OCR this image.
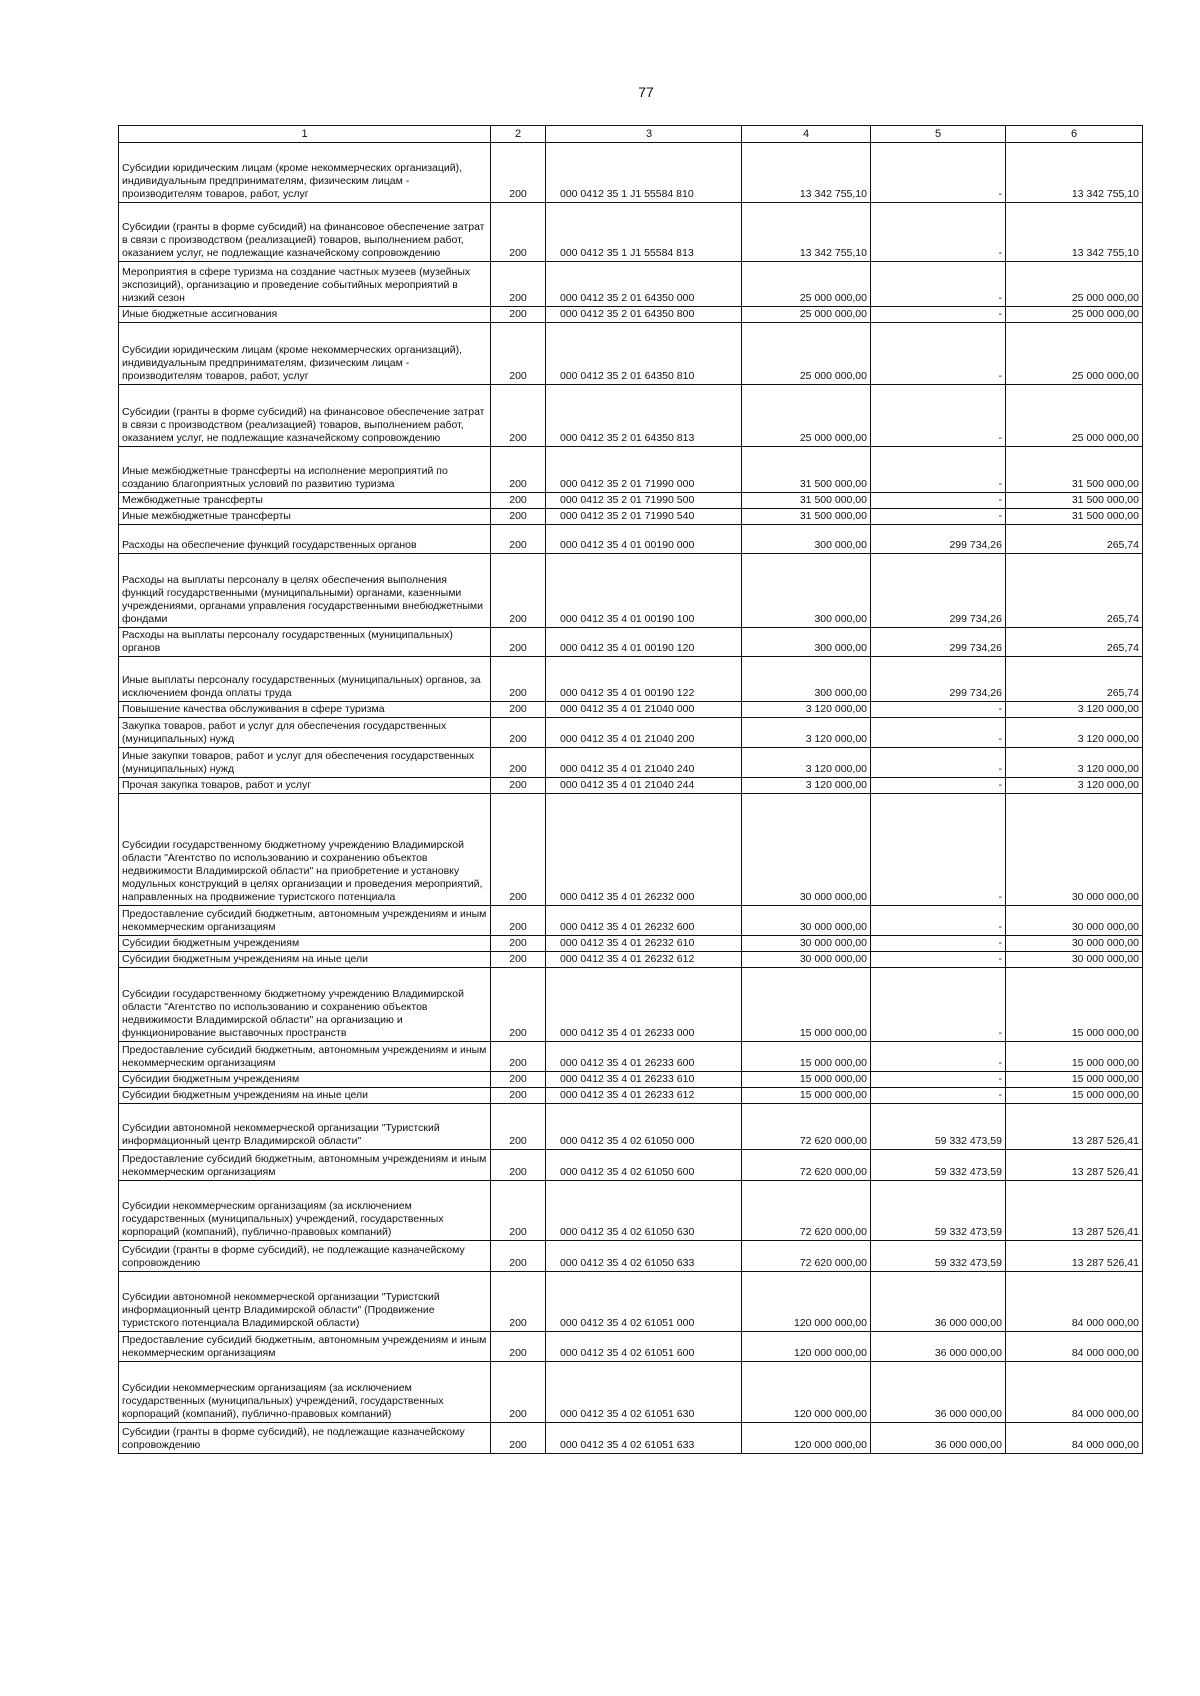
77
1	2	3	4	5	6
Субсидии юридическим лицам (кроме некоммерческих организаций), индивидуальным предпринимателям, физическим лицам - производителям товаров, работ, услуг	200	000 0412 35 1 J1 55584 810	13 342 755,10	-	13 342 755,10
Субсидии (гранты в форме субсидий) на финансовое обеспечение затрат в связи с производством (реализацией) товаров, выполнением работ, оказанием услуг, не подлежащие казначейскому сопровождению	200	000 0412 35 1 J1 55584 813	13 342 755,10	-	13 342 755,10
Мероприятия в сфере туризма на создание частных музеев (музейных экспозиций), организацию и проведение событийных мероприятий в низкий сезон	200	000 0412 35 2 01 64350 000	25 000 000,00	-	25 000 000,00
Иные бюджетные ассигнования	200	000 0412 35 2 01 64350 800	25 000 000,00	-	25 000 000,00
Субсидии юридическим лицам (кроме некоммерческих организаций), индивидуальным предпринимателям, физическим лицам - производителям товаров, работ, услуг	200	000 0412 35 2 01 64350 810	25 000 000,00	-	25 000 000,00
Субсидии (гранты в форме субсидий) на финансовое обеспечение затрат в связи с производством (реализацией) товаров, выполнением работ, оказанием услуг, не подлежащие казначейскому сопровождению	200	000 0412 35 2 01 64350 813	25 000 000,00	-	25 000 000,00
Иные межбюджетные трансферты на исполнение мероприятий по созданию благоприятных условий по развитию туризма	200	000 0412 35 2 01 71990 000	31 500 000,00	-	31 500 000,00
Межбюджетные трансферты	200	000 0412 35 2 01 71990 500	31 500 000,00	-	31 500 000,00
Иные межбюджетные трансферты	200	000 0412 35 2 01 71990 540	31 500 000,00	-	31 500 000,00
Расходы на обеспечение функций государственных органов	200	000 0412 35 4 01 00190 000	300 000,00	299 734,26	265,74
Расходы на выплаты персоналу в целях обеспечения выполнения функций государственными (муниципальными) органами, казенными учреждениями, органами управления государственными внебюджетными фондами	200	000 0412 35 4 01 00190 100	300 000,00	299 734,26	265,74
Расходы на выплаты персоналу государственных (муниципальных) органов	200	000 0412 35 4 01 00190 120	300 000,00	299 734,26	265,74
Иные выплаты персоналу государственных (муниципальных) органов, за исключением фонда оплаты труда	200	000 0412 35 4 01 00190 122	300 000,00	299 734,26	265,74
Повышение качества обслуживания в сфере туризма	200	000 0412 35 4 01 21040 000	3 120 000,00	-	3 120 000,00
Закупка товаров, работ и услуг для обеспечения государственных (муниципальных) нужд	200	000 0412 35 4 01 21040 200	3 120 000,00	-	3 120 000,00
Иные закупки товаров, работ и услуг для обеспечения государственных (муниципальных) нужд	200	000 0412 35 4 01 21040 240	3 120 000,00	-	3 120 000,00
Прочая закупка товаров, работ и услуг	200	000 0412 35 4 01 21040 244	3 120 000,00	-	3 120 000,00
Субсидии государственному бюджетному учреждению Владимирской области "Агентство по использованию и сохранению объектов недвижимости Владимирской области" на приобретение и установку модульных конструкций в целях организации и проведения мероприятий, направленных на продвижение туристского потенциала	200	000 0412 35 4 01 26232 000	30 000 000,00	-	30 000 000,00
Предоставление субсидий бюджетным, автономным учреждениям и иным некоммерческим организациям	200	000 0412 35 4 01 26232 600	30 000 000,00	-	30 000 000,00
Субсидии бюджетным учреждениям	200	000 0412 35 4 01 26232 610	30 000 000,00	-	30 000 000,00
Субсидии бюджетным учреждениям на иные цели	200	000 0412 35 4 01 26232 612	30 000 000,00	-	30 000 000,00
Субсидии государственному бюджетному учреждению Владимирской области "Агентство по использованию и сохранению объектов недвижимости Владимирской области" на организацию и функционирование выставочных пространств	200	000 0412 35 4 01 26233 000	15 000 000,00	-	15 000 000,00
Предоставление субсидий бюджетным, автономным учреждениям и иным некоммерческим организациям	200	000 0412 35 4 01 26233 600	15 000 000,00	-	15 000 000,00
Субсидии бюджетным учреждениям	200	000 0412 35 4 01 26233 610	15 000 000,00	-	15 000 000,00
Субсидии бюджетным учреждениям на иные цели	200	000 0412 35 4 01 26233 612	15 000 000,00	-	15 000 000,00
Субсидии автономной некоммерческой организации "Туристский информационный центр Владимирской области"	200	000 0412 35 4 02 61050 000	72 620 000,00	59 332 473,59	13 287 526,41
Предоставление субсидий бюджетным, автономным учреждениям и иным некоммерческим организациям	200	000 0412 35 4 02 61050 600	72 620 000,00	59 332 473,59	13 287 526,41
Субсидии некоммерческим организациям (за исключением государственных (муниципальных) учреждений, государственных корпораций (компаний), публично-правовых компаний)	200	000 0412 35 4 02 61050 630	72 620 000,00	59 332 473,59	13 287 526,41
Субсидии (гранты в форме субсидий), не подлежащие казначейскому сопровождению	200	000 0412 35 4 02 61050 633	72 620 000,00	59 332 473,59	13 287 526,41
Субсидии автономной некоммерческой организации "Туристский информационный центр Владимирской области" (Продвижение туристского потенциала Владимирской области)	200	000 0412 35 4 02 61051 000	120 000 000,00	36 000 000,00	84 000 000,00
Предоставление субсидий бюджетным, автономным учреждениям и иным некоммерческим организациям	200	000 0412 35 4 02 61051 600	120 000 000,00	36 000 000,00	84 000 000,00
Субсидии некоммерческим организациям (за исключением государственных (муниципальных) учреждений, государственных корпораций (компаний), публично-правовых компаний)	200	000 0412 35 4 02 61051 630	120 000 000,00	36 000 000,00	84 000 000,00
Субсидии (гранты в форме субсидий), не подлежащие казначейскому сопровождению	200	000 0412 35 4 02 61051 633	120 000 000,00	36 000 000,00	84 000 000,00
